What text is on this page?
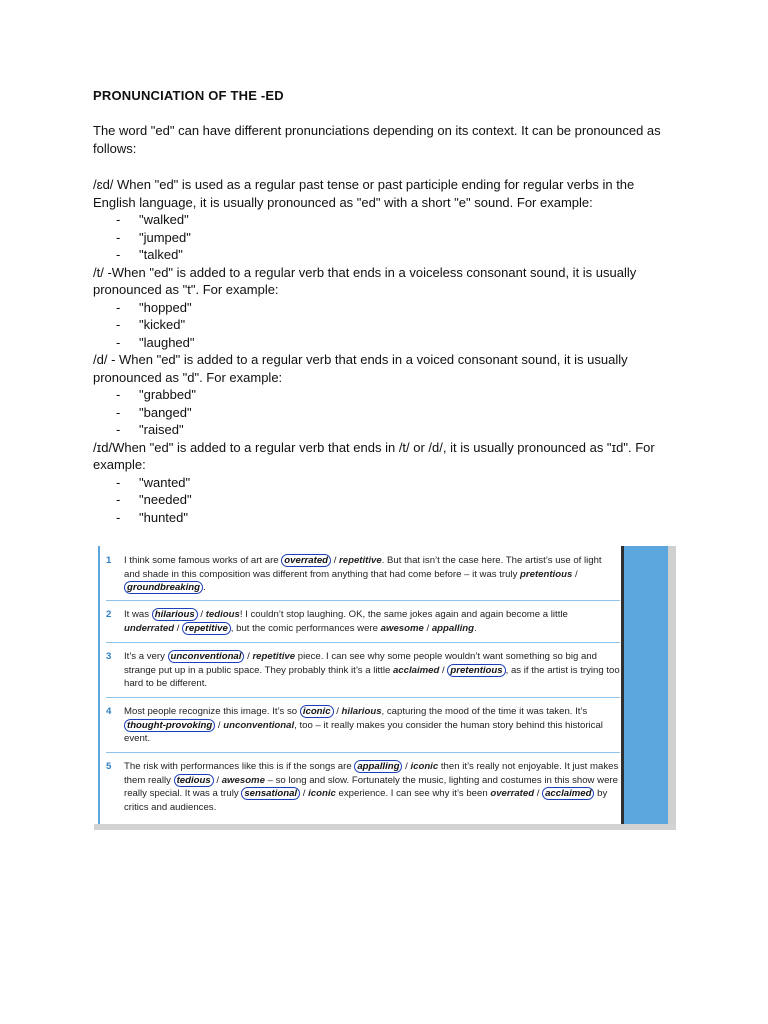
PRONUNCIATION OF THE -ED

The word "ed" can have different pronunciations depending on its context. It can be pronounced as follows:

/ɛd/ When "ed" is used as a regular past tense or past participle ending for regular verbs in the English language, it is usually pronounced as "ed" with a short "e" sound. For example:

- "walked"
- "jumped"
- "talked"

/t/ -When "ed" is added to a regular verb that ends in a voiceless consonant sound, it is usually pronounced as "t". For example:

- "hopped"
- "kicked"
- "laughed"

/d/ - When "ed" is added to a regular verb that ends in a voiced consonant sound, it is usually pronounced as "d". For example:

- "grabbed"
- "banged"
- "raised"

/ɪd/When "ed" is added to a regular verb that ends in /t/ or /d/, it is usually pronounced as "ɪd". For example:

- "wanted"
- "needed"
- "hunted"
1 I think some famous works of art are overrated / repetitive. But that isn’t the case here. The artist’s use of light and shade in this composition was different from anything that had come before – it was truly pretentious / groundbreaking .
2 It was hilarious / tedious! I couldn’t stop laughing. OK, the same jokes again and again become a little underrated / repetitive , but the comic performances were awesome / appalling.
3 It’s a very unconventional / repetitive piece. I can see why some people wouldn’t want something so big and strange put up in a public space. They probably think it’s a little acclaimed / pretentious , as if the artist is trying too hard to be different.
4 Most people recognize this image. It’s so iconic / hilarious, capturing the mood of the time it was taken. It’s thought-provoking / unconventional, too – it really makes you consider the human story behind this historical event.
5 The risk with performances like this is if the songs are appalling / iconic then it’s really not enjoyable. It just makes them really tedious / awesome – so long and slow. Fortunately the music, lighting and costumes in this show were really special. It was a truly sensational / iconic experience. I can see why it’s been overrated / acclaimed by critics and audiences.
